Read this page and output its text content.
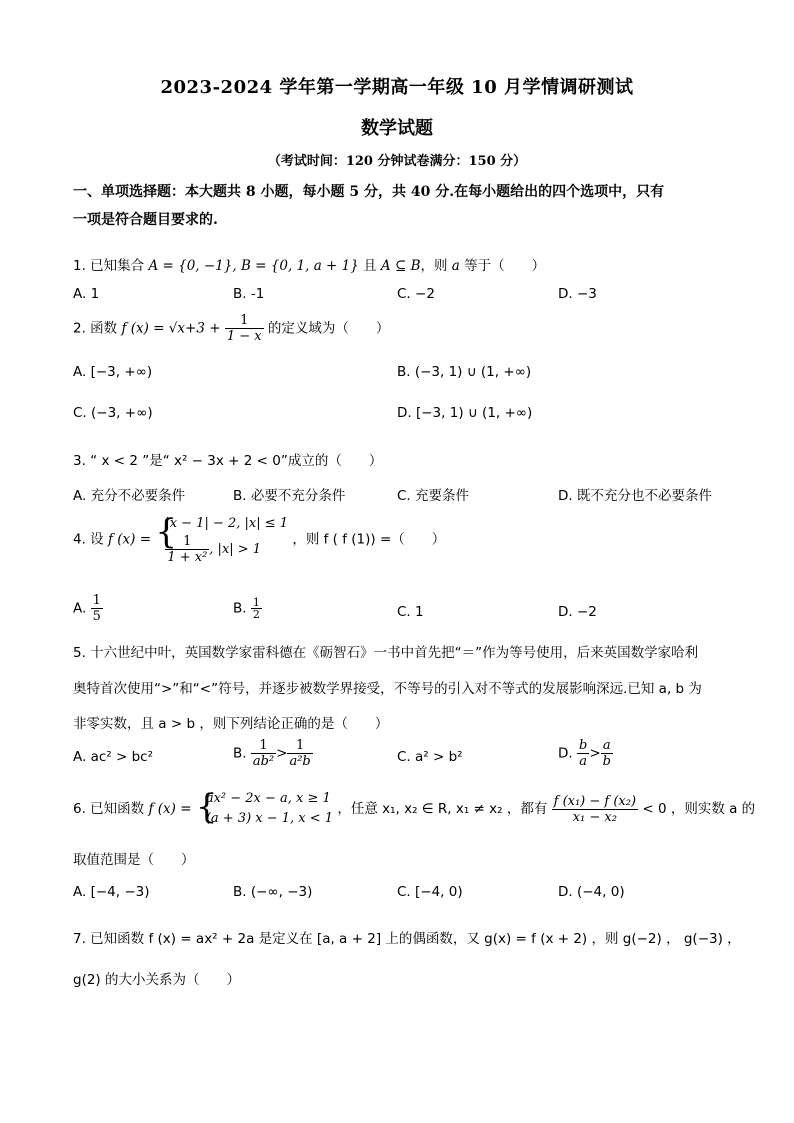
2023-2024 学年第一学期高一年级 10 月学情调研测试
数学试题
（考试时间：120 分钟试卷满分：150 分）
一、单项选择题：本大题共 8 小题，每小题 5 分，共 40 分.在每小题给出的四个选项中，只有
一项是符合题目要求的.
1. 已知集合 A = {0, −1}, B = {0, 1, a + 1} 且 A ⊆ B，则 a 等于（　　）
A. 1	B. -1	C. −2	D. −3
2. 函数 f $(x) = √x+3 + \frac{1}{1 - x}$ 的定义域为（　　）
A. [−3, +∞)	B. (−3, 1) ∪ (1, +∞)
C. (−3, +∞)	D. [−3, 1) ∪ (1, +∞)
3. “ x < 2 ”是“ x² − 3x + 2 < 0”成立的（　　）
A. 充分不必要条件	B. 必要不充分条件	C. 充要条件	D. 既不充分也不必要条件
4. 设 f (x) = {
|x − 1| − 2, |x| ≤ 1
$\frac{1}{\text{1 + x²}}$ , |x| > 1
，则 f ( f (1)) =（　　）
A. $\frac{1}{5}$	B. $\frac{1}{2}$	C. 1	D. −2
5. 十六世纪中叶，英国数学家雷科德在《砺智石》一书中首先把“＝”作为等号使用，后来英国数学家哈利
奥特首次使用“>”和“<”符号，并逐步被数学界接受，不等号的引入对不等式的发展影响深远.已知 a, b 为
非零实数，且 a > b ，则下列结论正确的是（　　）
A. ac² > bc²	B. $\frac{1}{\text{ab²}} > \frac{1}{\text{a²b}}$	C. a² > b²	D. $\frac{b}{a} > \frac{a}{b}$
6. 已知函数 f (x) = {
ax² − 2x − a, x ≥ 1
(a + 3) x − 1, x < 1
，任意 x₁, x₂ ∈ R, x₁ ≠ x₂ ，都有 $\frac{\text{f (x₁) − f (x₂)}}{\text{x₁ − x₂}} < 0$ ，则实数 a 的
取值范围是（　　）
A. [−4, −3)	B. (−∞, −3)	C. [−4, 0)	D. (−4, 0)
7. 已知函数 f (x) = ax² + 2a 是定义在 [a, a + 2] 上的偶函数，又 g(x) = f (x + 2) ，则 g(−2) ， g(−3) ，
g(2) 的大小关系为（　　）
